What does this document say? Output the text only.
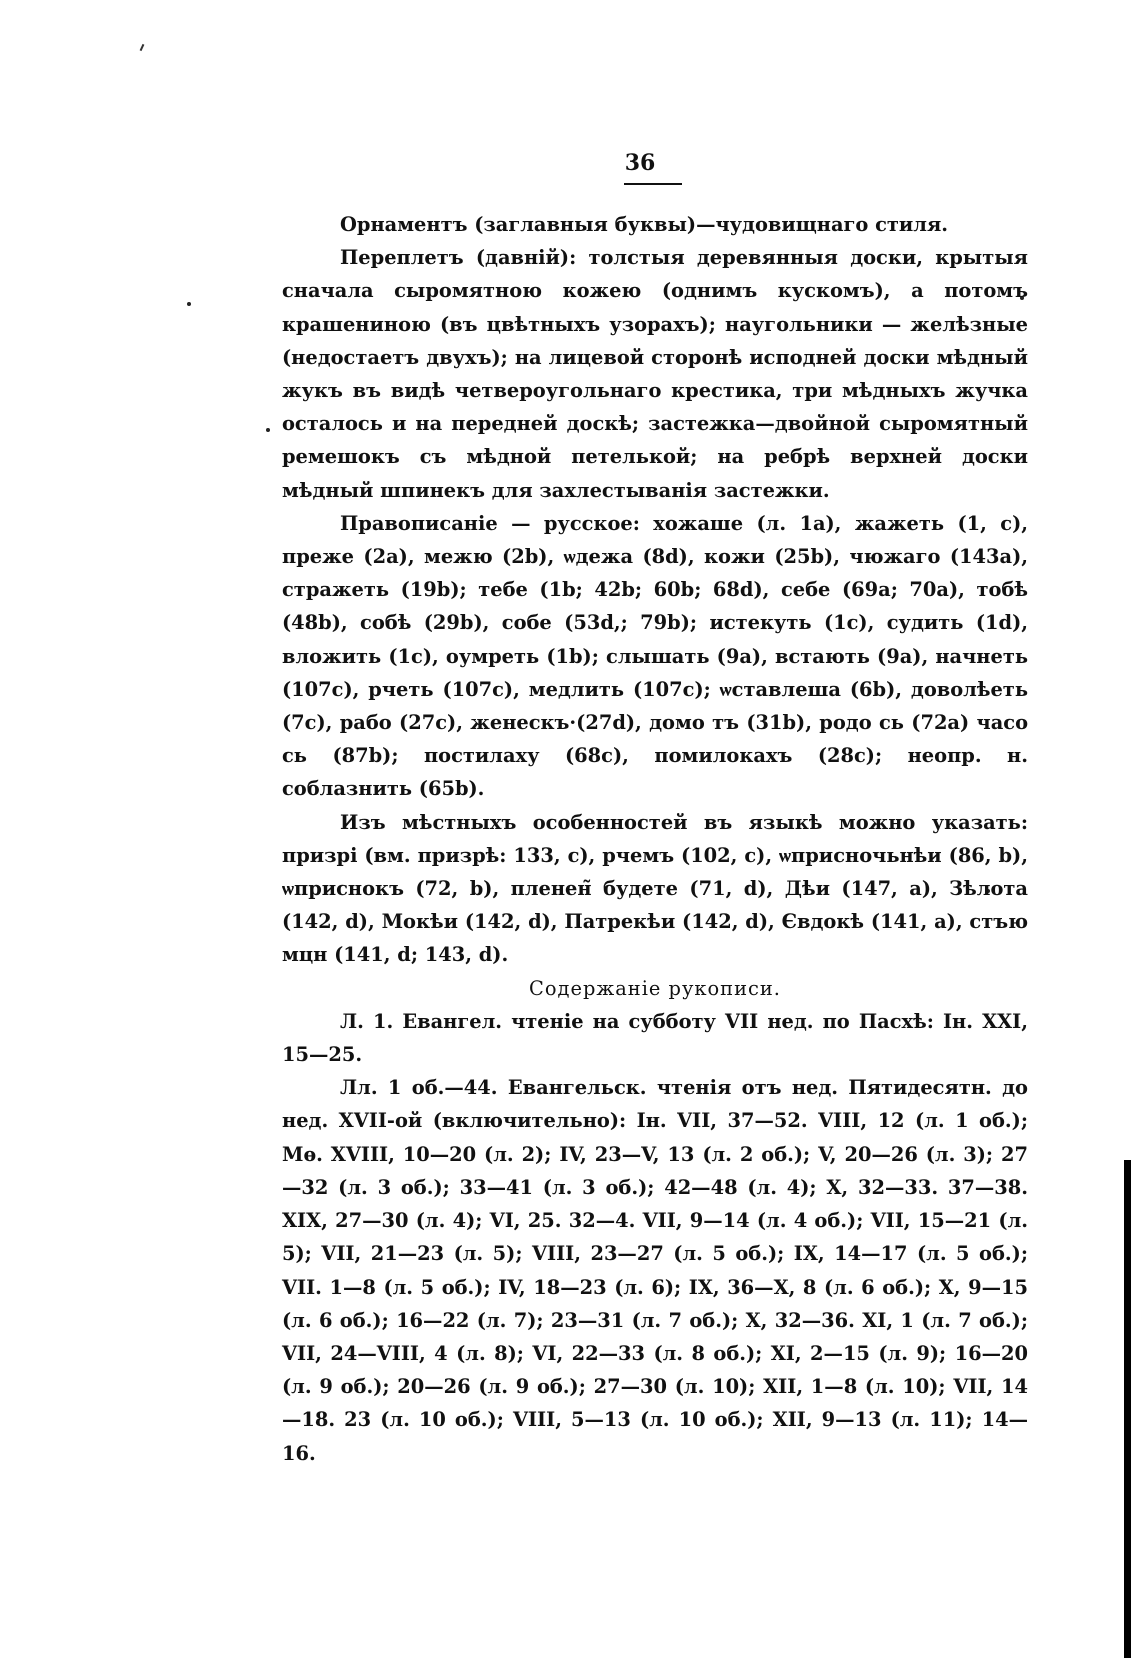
36

Орнаментъ (заглавныя буквы)—чудовищнаго стиля.

Переплетъ (давній): толстыя деревянныя доски, крытыя сначала сыромятною кожею (однимъ кускомъ), а потомъ крашениною (въ цвѣтныхъ узорахъ); наугольники — желѣзные (недостаетъ двухъ); на лицевой сторонѣ исподней доски мѣдный жукъ въ видѣ четвероугольнаго крестика, три мѣдныхъ жучка осталось и на передней доскѣ; застежка—двойной сыромятный ремешокъ съ мѣдной петелькой; на ребрѣ верхней доски мѣдный шпинекъ для захлестыванія застежки.

Правописаніе — русское: хожаше (л. 1а), жажеть (1, с), преже (2а), межю (2b), ѡдежа (8d), кожи (25b), чюжаго (143а), стражеть (19b); тебе (1b; 42b; 60b; 68d), себе (69а; 70а), тобѣ (48b), собѣ (29b), собе (53d,; 79b); истекуть (1с), судить (1d), вложить (1с), оумреть (1b); слышать (9а), встають (9а), начнеть (107с), рчеть (107с), медлить (107с); ѡставлеша (6b), доволѣеть (7с), рабо (27с), женескъ·(27d), домо тъ (31b), родо сь (72а) часо сь (87b); постилаху (68с), помилокахъ (28с); неопр. н. соблазнить (65b).

Изъ мѣстныхъ особенностей въ языкѣ можно указать: призрі (вм. призрѣ: 133, с), рчемъ (102, с), ѡприсночьнѣи (86, b), ѡприснокъ (72, b), пленен̃ будете (71, d), Дѣи (147, a), Зѣлота (142, d), Мокѣи (142, d), Патрекѣи (142, d), Євдокѣ (141, а), стъю мцн (141, d; 143, d).

Содержаніе рукописи.

Л. 1. Евангел. чтеніе на субботу VII нед. по Пасхѣ: Ін. XXI, 15—25.

Лл. 1 об.—44. Евангельск. чтенія отъ нед. Пятидесятн. до нед. XVII-ой (включительно): Ін. VII, 37—52. VIII, 12 (л. 1 об.); Мѳ. XVIII, 10—20 (л. 2); IV, 23—V, 13 (л. 2 об.); V, 20—26 (л. 3); 27—32 (л. 3 об.); 33—41 (л. 3 об.); 42—48 (л. 4); X, 32—33. 37—38. XIX, 27—30 (л. 4); VI, 25. 32—4. VII, 9—14 (л. 4 об.); VII, 15—21 (л. 5); VII, 21—23 (л. 5); VIII, 23—27 (л. 5 об.); IX, 14—17 (л. 5 об.); VII. 1—8 (л. 5 об.); IV, 18—23 (л. 6); IX, 36—X, 8 (л. 6 об.); X, 9—15 (л. 6 об.); 16—22 (л. 7); 23—31 (л. 7 об.); X, 32—36. XI, 1 (л. 7 об.); VII, 24—VIII, 4 (л. 8); VI, 22—33 (л. 8 об.); XI, 2—15 (л. 9); 16—20 (л. 9 об.); 20—26 (л. 9 об.); 27—30 (л. 10); XII, 1—8 (л. 10); VII, 14—18. 23 (л. 10 об.); VIII, 5—13 (л. 10 об.); XII, 9—13 (л. 11); 14—16.
